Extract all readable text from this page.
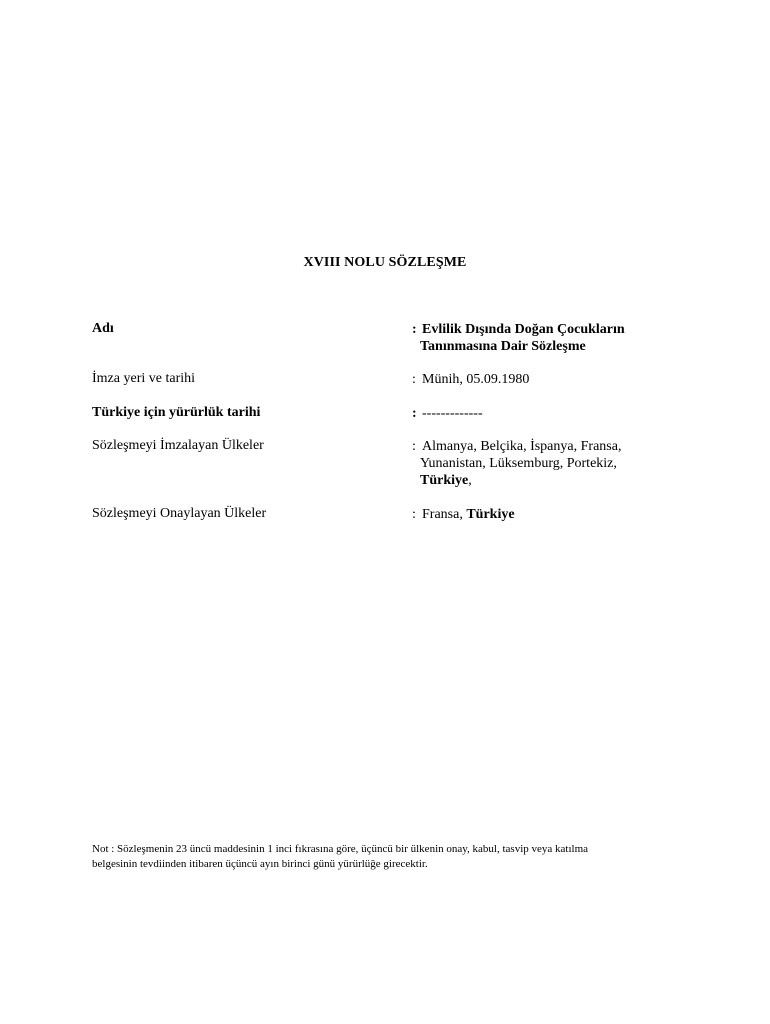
XVIII NOLU SÖZLEŞME
Adı	: Evlilik Dışında Doğan Çocukların
Tanınmasına Dair Sözleşme
İmza yeri ve tarihi	: Münih, 05.09.1980
Türkiye için yürürlük tarihi	: -------------
Sözleşmeyi İmzalayan Ülkeler	: Almanya, Belçika, İspanya, Fransa,
Yunanistan, Lüksemburg, Portekiz,
Türkiye,
Sözleşmeyi Onaylayan Ülkeler	: Fransa, Türkiye
Not : Sözleşmenin 23 üncü maddesinin 1 inci fıkrasına göre, üçüncü bir ülkenin onay, kabul, tasvip veya katılma
belgesinin tevdiinden itibaren üçüncü ayın birinci günü yürürlüğe girecektir.
